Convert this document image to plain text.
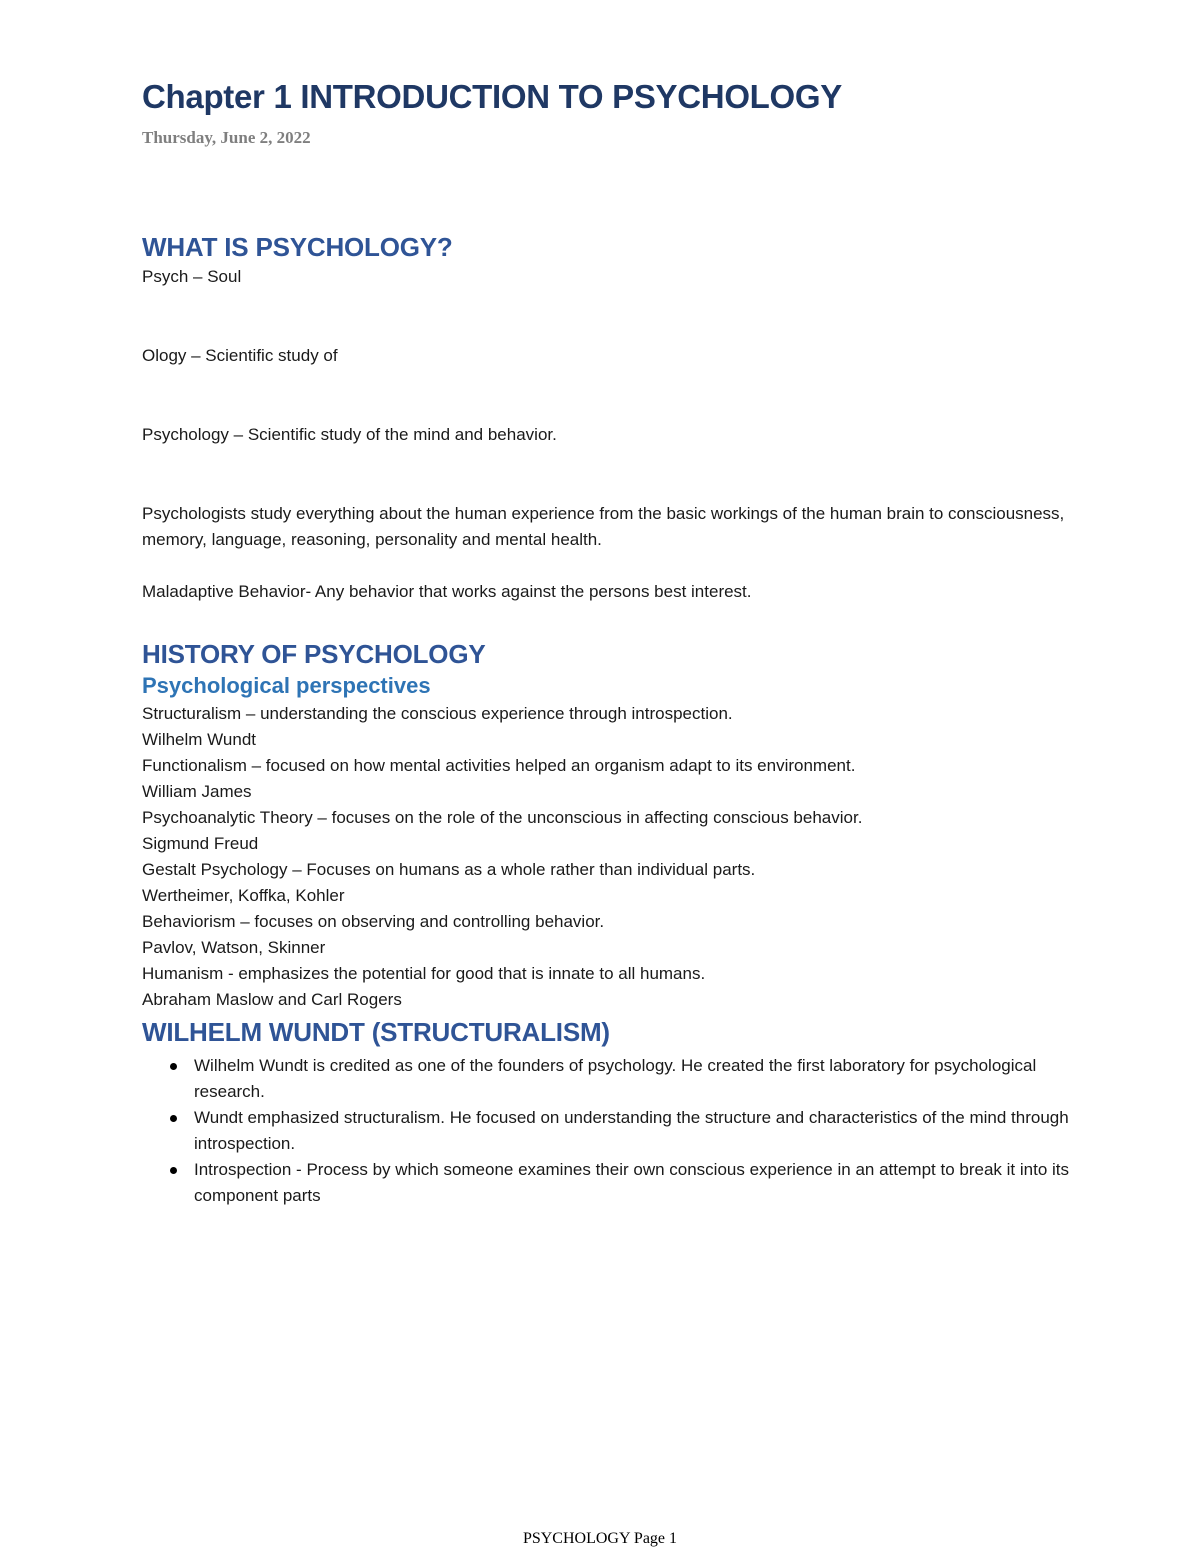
Chapter 1 INTRODUCTION TO PSYCHOLOGY
Thursday, June 2, 2022
WHAT IS PSYCHOLOGY?

Psych – Soul

Ology – Scientific study of

Psychology – Scientific study of the mind and behavior.

Psychologists study everything about the human experience from the basic workings of the human brain to consciousness, memory, language, reasoning, personality and mental health.

Maladaptive Behavior- Any behavior that works against the persons best interest.

HISTORY OF PSYCHOLOGY
Psychological perspectives

Structuralism – understanding the conscious experience through introspection.

Wilhelm Wundt

Functionalism – focused on how mental activities helped an organism adapt to its environment.

William James

Psychoanalytic Theory – focuses on the role of the unconscious in affecting conscious behavior.

Sigmund Freud

Gestalt Psychology – Focuses on humans as a whole rather than individual parts.

Wertheimer, Koffka, Kohler

Behaviorism – focuses on observing and controlling behavior.

Pavlov, Watson, Skinner

Humanism - emphasizes the potential for good that is innate to all humans.

Abraham Maslow and Carl Rogers

WILHELM WUNDT (STRUCTURALISM)
Wilhelm Wundt is credited as one of the founders of psychology. He created the first laboratory for psychological research.
Wundt emphasized structuralism. He focused on understanding the structure and characteristics of the mind through introspection.
Introspection - Process by which someone examines their own conscious experience in an attempt to break it into its component parts
PSYCHOLOGY Page 1
